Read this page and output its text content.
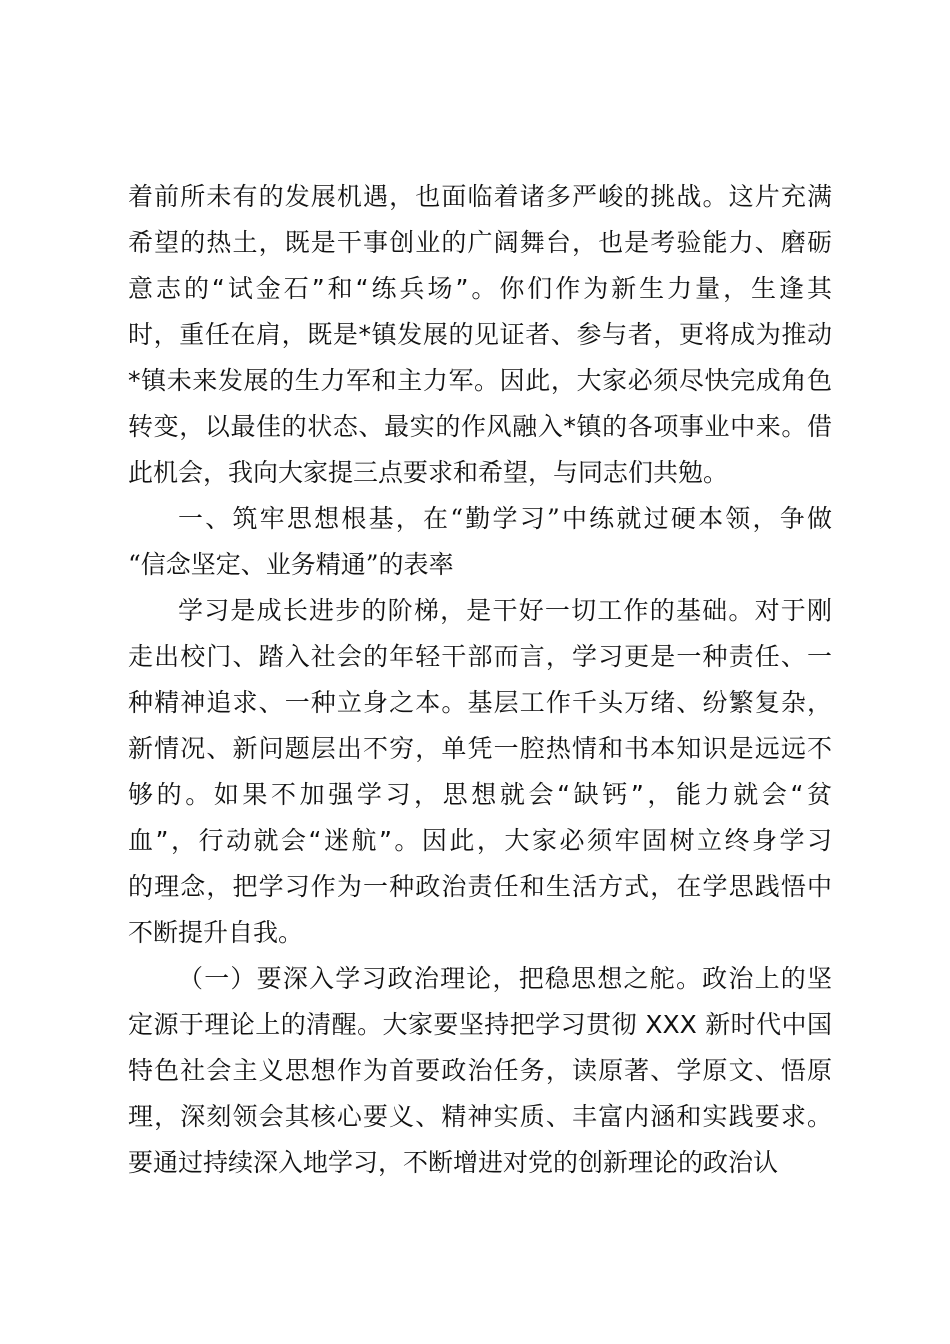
着前所未有的发展机遇，也面临着诸多严峻的挑战。这片充满
希望的热土，既是干事创业的广阔舞台，也是考验能力、磨砺
意志的“试金石”和“练兵场”。你们作为新生力量，生逢其
时，重任在肩，既是*镇发展的见证者、参与者，更将成为推动
*镇未来发展的生力军和主力军。因此，大家必须尽快完成角色
转变，以最佳的状态、最实的作风融入*镇的各项事业中来。借
此机会，我向大家提三点要求和希望，与同志们共勉。
一、筑牢思想根基，在“勤学习”中练就过硬本领，争做
“信念坚定、业务精通”的表率
学习是成长进步的阶梯，是干好一切工作的基础。对于刚
走出校门、踏入社会的年轻干部而言，学习更是一种责任、一
种精神追求、一种立身之本。基层工作千头万绪、纷繁复杂，
新情况、新问题层出不穷，单凭一腔热情和书本知识是远远不
够的。如果不加强学习，思想就会“缺钙”，能力就会“贫
血”，行动就会“迷航”。因此，大家必须牢固树立终身学习
的理念，把学习作为一种政治责任和生活方式，在学思践悟中
不断提升自我。
（一）要深入学习政治理论，把稳思想之舵。政治上的坚
定源于理论上的清醒。大家要坚持把学习贯彻 XXX 新时代中国
特色社会主义思想作为首要政治任务，读原著、学原文、悟原
理，深刻领会其核心要义、精神实质、丰富内涵和实践要求。
要通过持续深入地学习，不断增进对党的创新理论的政治认
